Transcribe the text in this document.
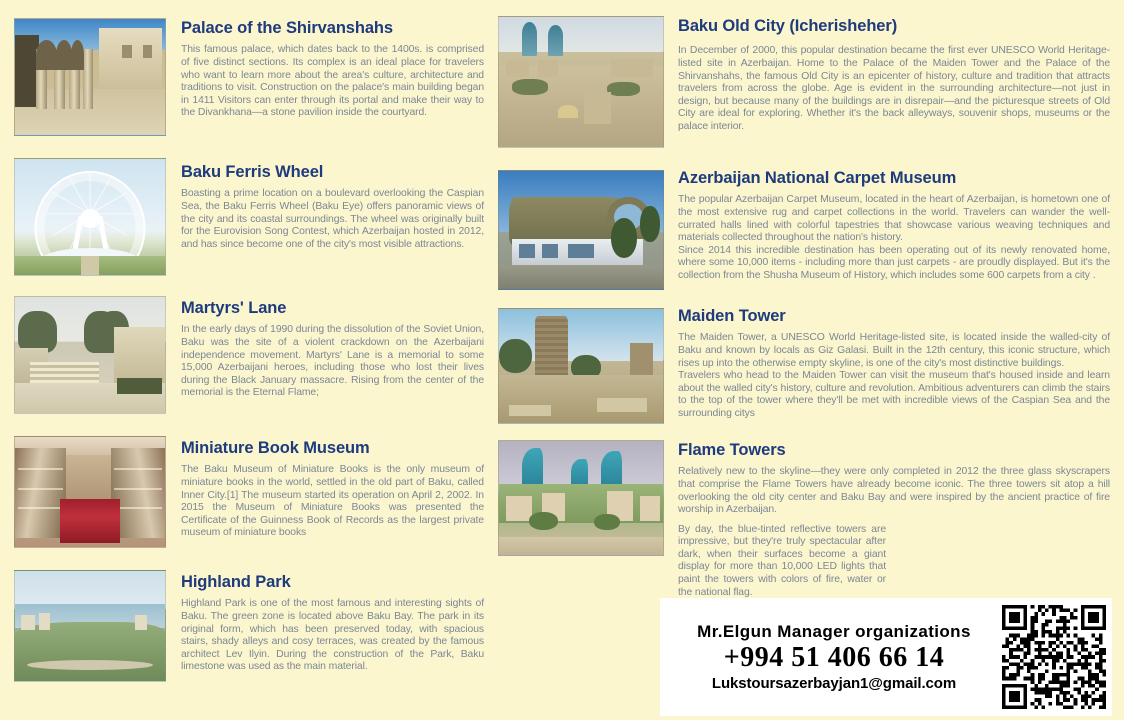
Palace of the Shirvanshahs

This famous palace, which dates back to the 1400s. is comprised of five distinct sections. Its complex is an ideal place for travelers who want to learn more about the area's culture, architecture and traditions to visit. Construction on the palace's main building began in 1411 Visitors can enter through its portal and make their way to the Divankhana—a stone pavilion inside the courtyard.

Baku Ferris Wheel

Boasting a prime location on a boulevard overlooking the Caspian Sea, the Baku Ferris Wheel (Baku Eye) offers panoramic views of the city and its coastal surroundings. The wheel was originally built for the Eurovision Song Contest, which Azerbaijan hosted in 2012, and has since become one of the city's most visible attractions.

Martyrs' Lane

In the early days of 1990 during the dissolution of the Soviet Union, Baku was the site of a violent crackdown on the Azerbaijani independence movement. Martyrs' Lane is a memorial to some 15,000 Azerbaijani heroes, including those who lost their lives during the Black January massacre. Rising from the center of the memorial is the Eternal Flame;

Miniature Book Museum

The Baku Museum of Miniature Books is the only museum of miniature books in the world, settled in the old part of Baku, called Inner City.[1] The museum started its operation on April 2, 2002. In 2015 the Museum of Miniature Books was presented the Certificate of the Guinness Book of Records as the largest private museum of miniature books

Highland Park

Highland Park is one of the most famous and interesting sights of Baku. The green zone is located above Baku Bay. The park in its original form, which has been preserved today, with spacious stairs, shady alleys and cosy terraces, was created by the famous architect Lev Ilyin. During the construction of the Park, Baku limestone was used as the main material.

Baku Old City (Icherisheher)

In December of 2000, this popular destination became the first ever UNESCO World Heritage-listed site in Azerbaijan. Home to the Palace of the Maiden Tower and the Palace of the Shirvanshahs, the famous Old City is an epicenter of history, culture and tradition that attracts travelers from across the globe. Age is evident in the surrounding architecture—not just in design, but because many of the buildings are in disrepair—and the picturesque streets of Old City are ideal for exploring. Whether it's the back alleyways, souvenir shops, museums or the palace interior.

Azerbaijan National Carpet Museum

The popular Azerbaijan Carpet Museum, located in the heart of Azerbaijan, is hometown one of the most extensive rug and carpet collections in the world. Travelers can wander the well-currated halls lined with colorful tapestries that showcase various weaving techniques and materials collected throughout the nation's history.

Since 2014 this incredible destination has been operating out of its newly renovated home, where some 10,000 items - including more than just carpets - are proudly displayed. But it's the collection from the Shusha Museum of History, which includes some 600 carpets from a city .

Maiden Tower

The Maiden Tower, a UNESCO World Heritage-listed site, is located inside the walled-city of Baku and known by locals as Giz Galasi. Built in the 12th century, this iconic structure, which rises up into the otherwise empty skyline, is one of the city's most distinctive buildings.

Travelers who head to the Maiden Tower can visit the museum that's housed inside and learn about the walled city's history, culture and revolution. Ambitious adventurers can climb the stairs to the top of the tower where they'll be met with incredible views of the Caspian Sea and the surrounding citys

Flame Towers

Relatively new to the skyline—they were only completed in 2012 the three glass skyscrapers that comprise the Flame Towers have already become iconic. The three towers sit atop a hill overlooking the old city center and Baku Bay and were inspired by the ancient practice of fire worship in Azerbaijan.

By day, the blue-tinted reflective towers are impressive, but they're truly spectacular after dark, when their surfaces become a giant display for more than 10,000 LED lights that paint the towers with colors of fire, water or the national flag.

Mr.Elgun Manager organizations
+994 51 406 66 14
Lukstoursazerbayjan1@gmail.com
